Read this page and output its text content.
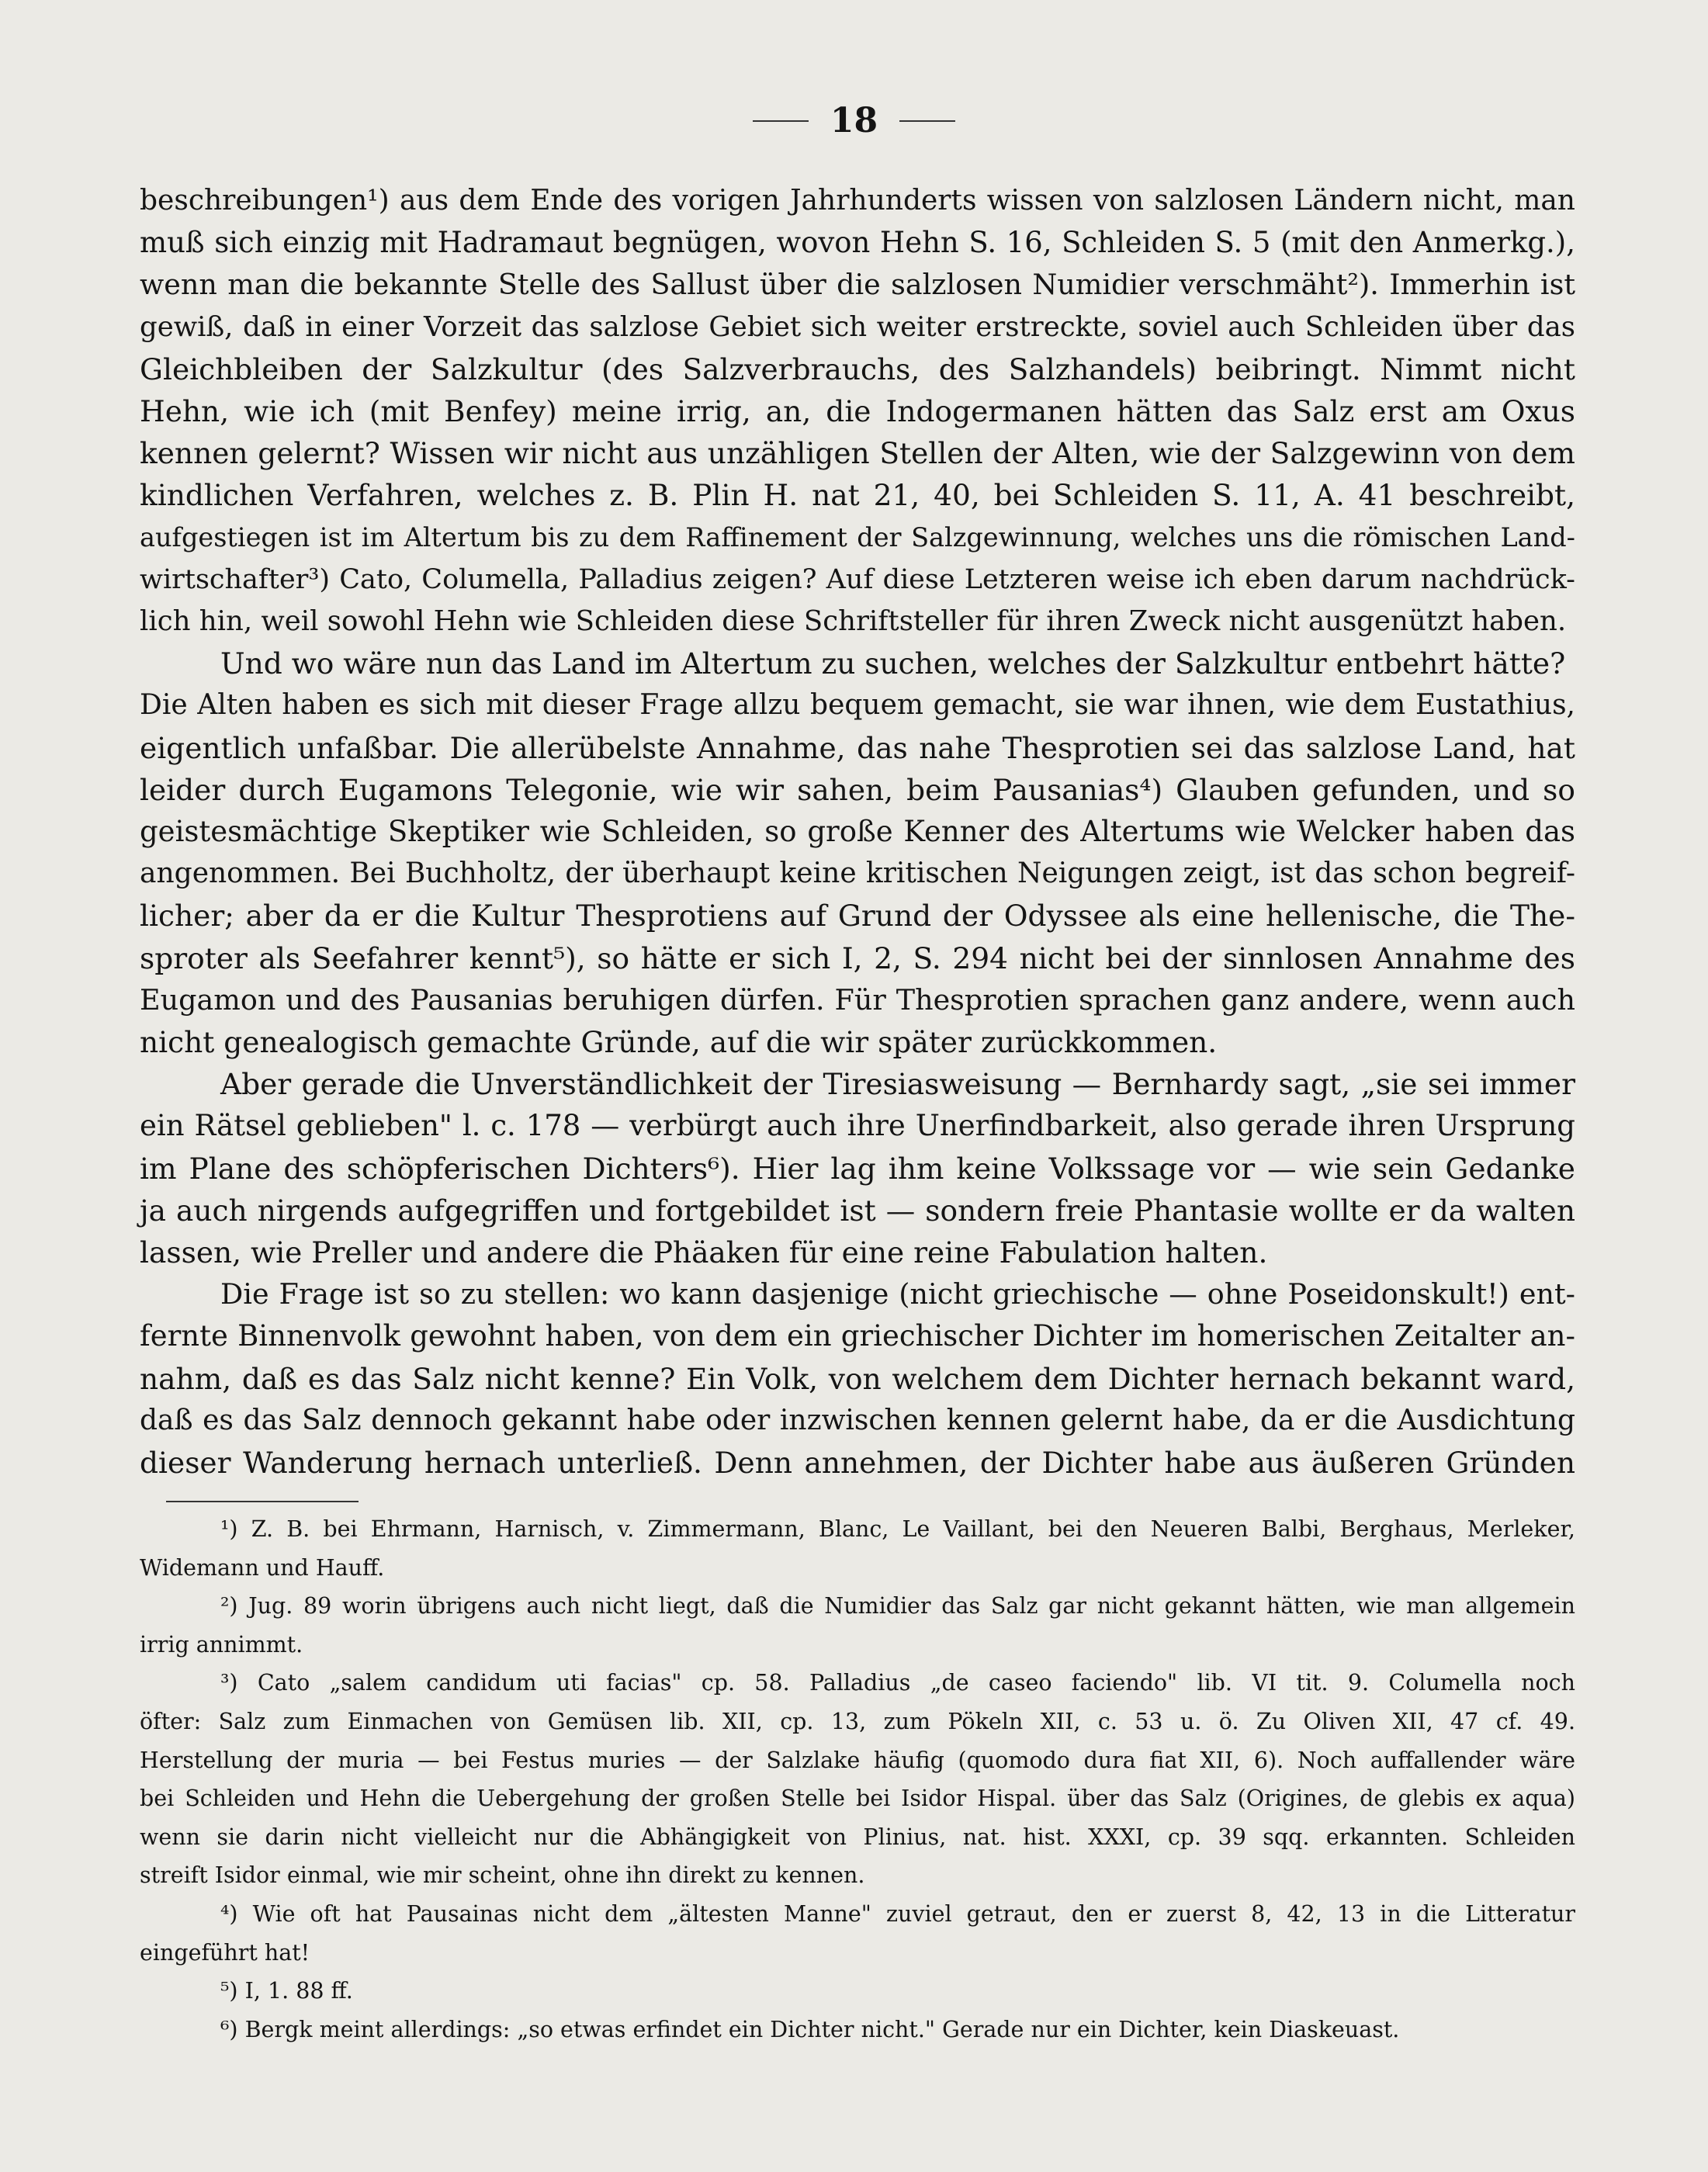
18
beschreibungen¹) aus dem Ende des vorigen Jahrhunderts wissen von salzlosen Ländern nicht, man
muß sich einzig mit Hadramaut begnügen, wovon Hehn S. 16, Schleiden S. 5 (mit den Anmerkg.),
wenn man die bekannte Stelle des Sallust über die salzlosen Numidier verschmäht²). Immerhin ist
gewiß, daß in einer Vorzeit das salzlose Gebiet sich weiter erstreckte, soviel auch Schleiden über das
Gleichbleiben der Salzkultur (des Salzverbrauchs, des Salzhandels) beibringt. Nimmt nicht
Hehn, wie ich (mit Benfey) meine irrig, an, die Indogermanen hätten das Salz erst am Oxus
kennen gelernt? Wissen wir nicht aus unzähligen Stellen der Alten, wie der Salzgewinn von dem
kindlichen Verfahren, welches z. B. Plin H. nat 21, 40, bei Schleiden S. 11, A. 41 beschreibt,
aufgestiegen ist im Altertum bis zu dem Raffinement der Salzgewinnung, welches uns die römischen Land-
wirtschafter³) Cato, Columella, Palladius zeigen? Auf diese Letzteren weise ich eben darum nachdrück-
lich hin, weil sowohl Hehn wie Schleiden diese Schriftsteller für ihren Zweck nicht ausgenützt haben.
Und wo wäre nun das Land im Altertum zu suchen, welches der Salzkultur entbehrt hätte?
Die Alten haben es sich mit dieser Frage allzu bequem gemacht, sie war ihnen, wie dem Eustathius,
eigentlich unfaßbar. Die allerübelste Annahme, das nahe Thesprotien sei das salzlose Land, hat
leider durch Eugamons Telegonie, wie wir sahen, beim Pausanias⁴) Glauben gefunden, und so
geistesmächtige Skeptiker wie Schleiden, so große Kenner des Altertums wie Welcker haben das
angenommen. Bei Buchholtz, der überhaupt keine kritischen Neigungen zeigt, ist das schon begreif-
licher; aber da er die Kultur Thesprotiens auf Grund der Odyssee als eine hellenische, die The-
sproter als Seefahrer kennt⁵), so hätte er sich I, 2, S. 294 nicht bei der sinnlosen Annahme des
Eugamon und des Pausanias beruhigen dürfen. Für Thesprotien sprachen ganz andere, wenn auch
nicht genealogisch gemachte Gründe, auf die wir später zurückkommen.
Aber gerade die Unverständlichkeit der Tiresiasweisung — Bernhardy sagt, „sie sei immer
ein Rätsel geblieben" l. c. 178 — verbürgt auch ihre Unerfindbarkeit, also gerade ihren Ursprung
im Plane des schöpferischen Dichters⁶). Hier lag ihm keine Volkssage vor — wie sein Gedanke
ja auch nirgends aufgegriffen und fortgebildet ist — sondern freie Phantasie wollte er da walten
lassen, wie Preller und andere die Phäaken für eine reine Fabulation halten.
Die Frage ist so zu stellen: wo kann dasjenige (nicht griechische — ohne Poseidonskult!) ent-
fernte Binnenvolk gewohnt haben, von dem ein griechischer Dichter im homerischen Zeitalter an-
nahm, daß es das Salz nicht kenne? Ein Volk, von welchem dem Dichter hernach bekannt ward,
daß es das Salz dennoch gekannt habe oder inzwischen kennen gelernt habe, da er die Ausdichtung
dieser Wanderung hernach unterließ. Denn annehmen, der Dichter habe aus äußeren Gründen
¹) Z. B. bei Ehrmann, Harnisch, v. Zimmermann, Blanc, Le Vaillant, bei den Neueren Balbi, Berghaus, Merleker,
Widemann und Hauff.
²) Jug. 89 worin übrigens auch nicht liegt, daß die Numidier das Salz gar nicht gekannt hätten, wie man allgemein
irrig annimmt.
³) Cato „salem candidum uti facias" cp. 58. Palladius „de caseo faciendo" lib. VI tit. 9. Columella noch
öfter: Salz zum Einmachen von Gemüsen lib. XII, cp. 13, zum Pökeln XII, c. 53 u. ö. Zu Oliven XII, 47 cf. 49.
Herstellung der muria — bei Festus muries — der Salzlake häufig (quomodo dura fiat XII, 6). Noch auffallender wäre
bei Schleiden und Hehn die Uebergehung der großen Stelle bei Isidor Hispal. über das Salz (Origines, de glebis ex aqua)
wenn sie darin nicht vielleicht nur die Abhängigkeit von Plinius, nat. hist. XXXI, cp. 39 sqq. erkannten. Schleiden
streift Isidor einmal, wie mir scheint, ohne ihn direkt zu kennen.
⁴) Wie oft hat Pausainas nicht dem „ältesten Manne" zuviel getraut, den er zuerst 8, 42, 13 in die Litteratur
eingeführt hat!
⁵) I, 1. 88 ff.
⁶) Bergk meint allerdings: „so etwas erfindet ein Dichter nicht." Gerade nur ein Dichter, kein Diaskeuast.
